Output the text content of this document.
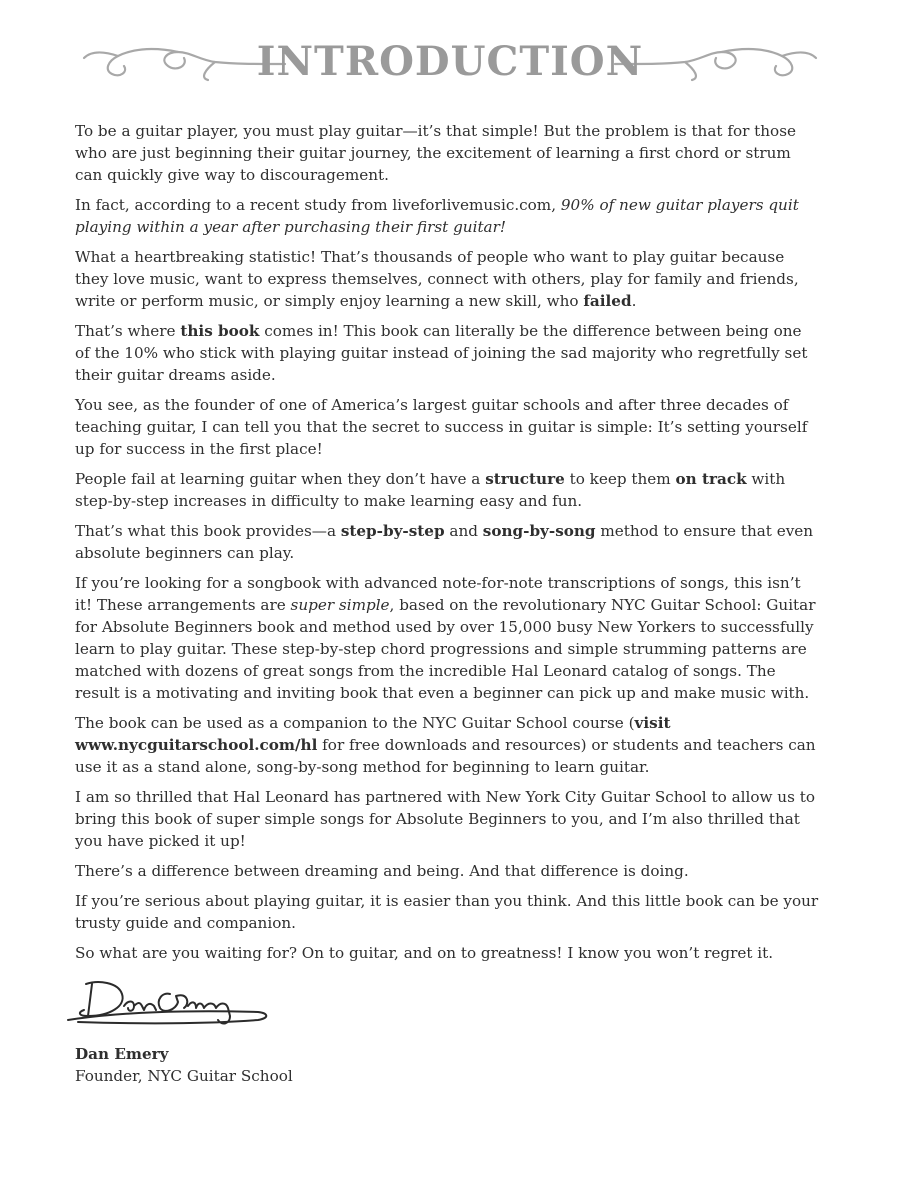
INTRODUCTION

To be a guitar player, you must play guitar—it’s that simple! But the problem is that for those who are just beginning their guitar journey, the excitement of learning a first chord or strum can quickly give way to discouragement.

In fact, according to a recent study from liveforlivemusic.com, 90% of new guitar players quit playing within a year after purchasing their first guitar!

What a heartbreaking statistic! That’s thousands of people who want to play guitar because they love music, want to express themselves, connect with others, play for family and friends, write or perform music, or simply enjoy learning a new skill, who failed.

That’s where this book comes in! This book can literally be the difference between being one of the 10% who stick with playing guitar instead of joining the sad majority who regretfully set their guitar dreams aside.

You see, as the founder of one of America’s largest guitar schools and after three decades of teaching guitar, I can tell you that the secret to success in guitar is simple: It’s setting yourself up for success in the first place!

People fail at learning guitar when they don’t have a structure to keep them on track with step-by-step increases in difficulty to make learning easy and fun.

That’s what this book provides—a step-by-step and song-by-song method to ensure that even absolute beginners can play.

If you’re looking for a songbook with advanced note-for-note transcriptions of songs, this isn’t it! These arrangements are super simple, based on the revolutionary NYC Guitar School: Guitar for Absolute Beginners book and method used by over 15,000 busy New Yorkers to successfully learn to play guitar. These step-by-step chord progressions and simple strumming patterns are matched with dozens of great songs from the incredible Hal Leonard catalog of songs. The result is a motivating and inviting book that even a beginner can pick up and make music with.

The book can be used as a companion to the NYC Guitar School course (visit www.nycguitarschool.com/hl for free downloads and resources) or students and teachers can use it as a stand alone, song-by-song method for beginning to learn guitar.

I am so thrilled that Hal Leonard has partnered with New York City Guitar School to allow us to bring this book of super simple songs for Absolute Beginners to you, and I’m also thrilled that you have picked it up!

There’s a difference between dreaming and being. And that difference is doing.

If you’re serious about playing guitar, it is easier than you think. And this little book can be your trusty guide and companion.

So what are you waiting for? On to guitar, and on to greatness! I know you won’t regret it.

Dan Emery
Founder, NYC Guitar School
